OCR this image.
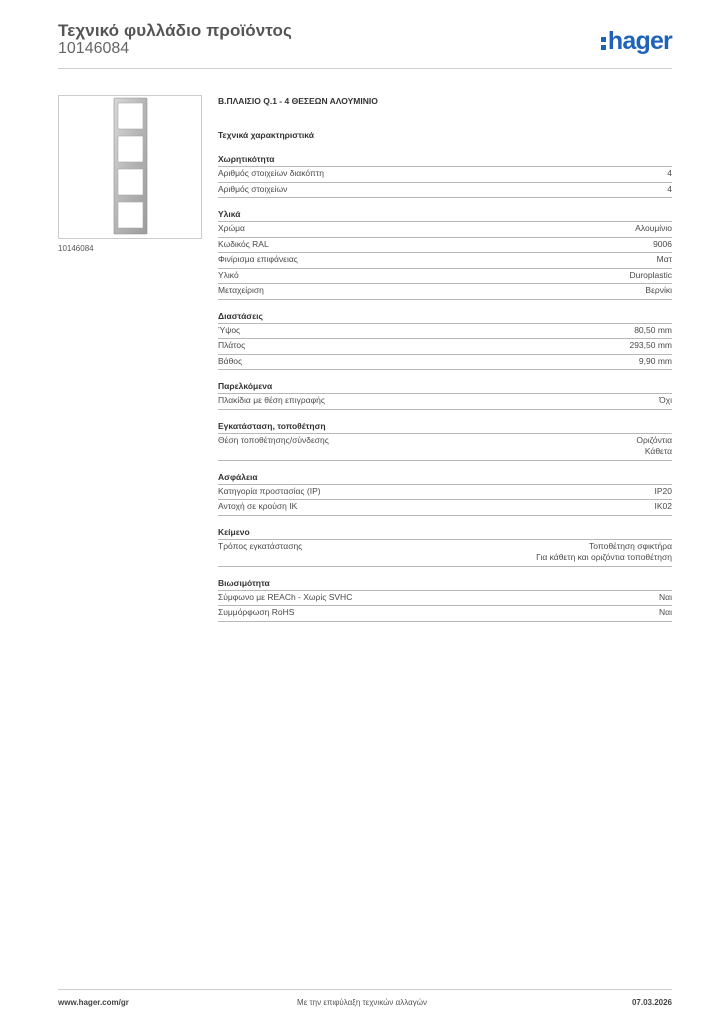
Τεχνικό φυλλάδιο προϊόντος
10146084	hager
10146084
Β.ΠΛΑΙΣΙΟ Q.1 - 4 ΘΕΣΕΩΝ ΑΛΟΥΜΙΝΙΟ
Τεχνικά χαρακτηριστικά
Χωρητικότητα
Αριθμός στοιχείων διακόπτη	4
Αριθμός στοιχείων	4
Υλικά
Χρώμα	Αλουμίνιο
Κωδικός RAL	9006
Φινίρισμα επιφάνειας	Ματ
Υλικό	Duroplastic
Μεταχείριση	Βερνίκι
Διαστάσεις
Ύψος	80,50 mm
Πλάτος	293,50 mm
Βάθος	9,90 mm
Παρελκόμενα
Πλακίδια με θέση επιγραφής	Όχι
Εγκατάσταση, τοποθέτηση
Θέση τοποθέτησης/σύνδεσης	Οριζόντια
Κάθετα
Ασφάλεια
Κατηγορία προστασίας (IP)	IP20
Αντοχή σε κρούση IK	IK02
Κείμενο
Τρόπος εγκατάστασης	Τοποθέτηση σφικτήρα
Για κάθετη και οριζόντια τοποθέτηση
Βιωσιμότητα
Σύμφωνο με REACh - Χωρίς SVHC	Ναι
Συμμόρφωση RoHS	Ναι
www.hager.com/gr	Με την επιφύλαξη τεχνικών αλλαγών	07.03.2026
